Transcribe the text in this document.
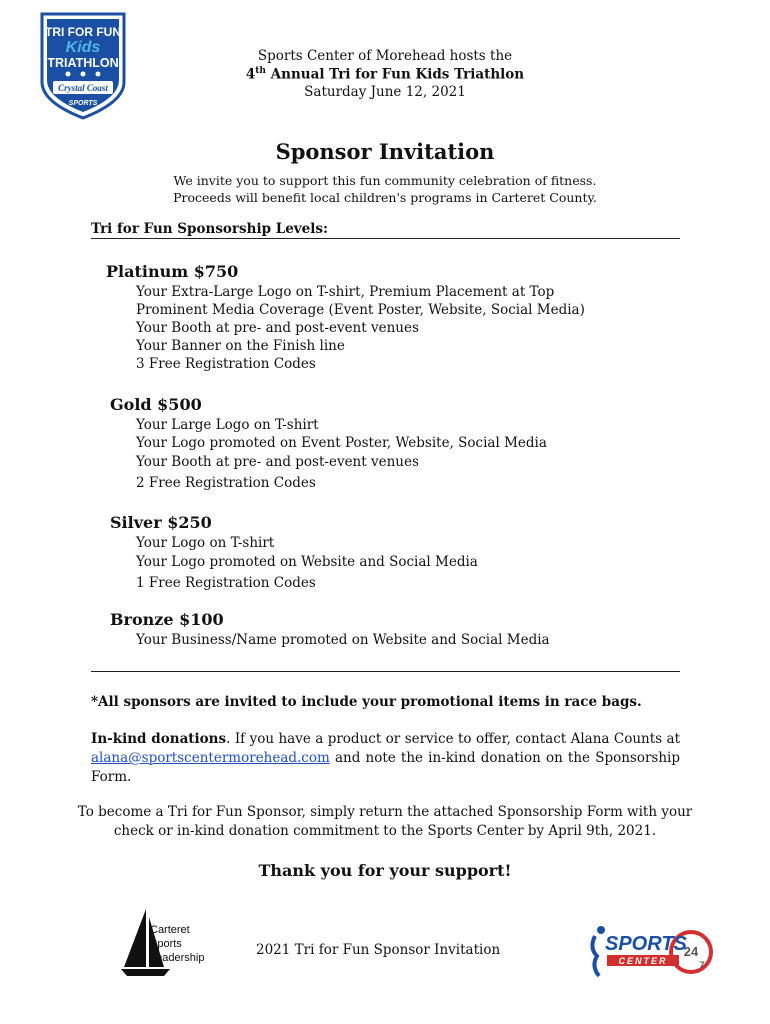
TRI FOR FUN
Kids
TRIATHLON
Crystal Coast
SPORTS
Sports Center of Morehead hosts the
4th Annual Tri for Fun Kids Triathlon
Saturday June 12, 2021
Sponsor Invitation
We invite you to support this fun community celebration of fitness.
Proceeds will benefit local children's programs in Carteret County.
Tri for Fun Sponsorship Levels:
Platinum $750
Your Extra-Large Logo on T-shirt, Premium Placement at Top
Prominent Media Coverage (Event Poster, Website, Social Media)
Your Booth at pre- and post-event venues
Your Banner on the Finish line
3 Free Registration Codes
Gold $500
Your Large Logo on T-shirt
Your Logo promoted on Event Poster, Website, Social Media
Your Booth at pre- and post-event venues
2 Free Registration Codes
Silver $250
Your Logo on T-shirt
Your Logo promoted on Website and Social Media
1 Free Registration Codes
Bronze $100
Your Business/Name promoted on Website and Social Media
*All sponsors are invited to include your promotional items in race bags.
In-kind donations. If you have a product or service to offer, contact Alana Counts at alana@sportscentermorehead.com and note the in-kind donation on the Sponsorship Form.
To become a Tri for Fun Sponsor, simply return the attached Sponsorship Form with your
check or in-kind donation commitment to the Sports Center by April 9th, 2021.
Thank you for your support!
Carteret
Sports
Leadership	2021 Tri for Fun Sponsor Invitation	24
7
SPORTS
CENTER
